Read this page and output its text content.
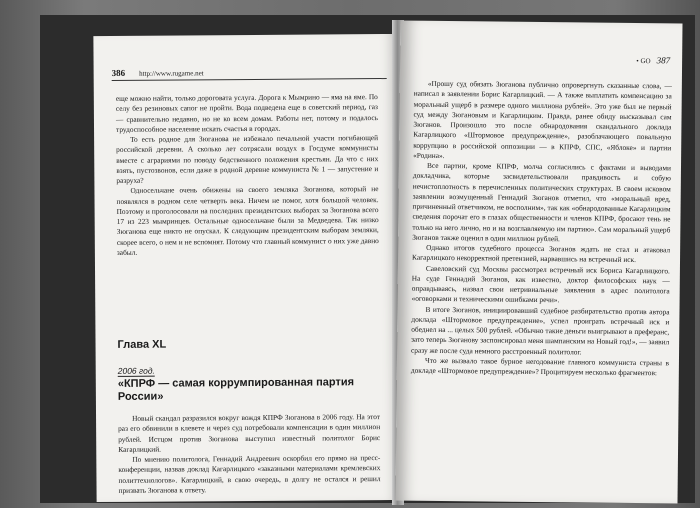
386 http://www.rugame.net

еще можно найти, только дороговата услуга. Дорога к Мымрино — яма на яме. По селу без резиновых сапог не пройти. Вода подведена еще в советский период, газ — сравнительно недавно, но не ко всем домам. Работы нет, потому и подалось трудоспособное население искать счастья в городах.

То есть родное для Зюганова не избежало печальной участи погибающей российской деревни. А сколько лет сотрясали воздух в Госдуме коммунисты вместе с аграриями по поводу бедственного положения крестьян. Да что с них взять, пустозвонов, если даже в родной деревне коммуниста № 1 — запустение и разруха?

Односельчане очень обижены на своего земляка Зюганова, который не появлялся в родном селе четверть века. Ничем не помог, хотя большой человек. Поэтому и проголосовали на последних президентских выборах за Зюганова всего 17 из 223 мымринцев. Остальные односельчане были за Медведева. Так низко Зюганова еще никто не опускал. К следующим президентским выборам земляки, скорее всего, о нем и не вспомнят. Потому что главный коммунист о них уже давно забыл.

Глава XL
2006 год.
«КПРФ — самая коррумпированная партия России»

Новый скандал разразился вокруг вождя КПРФ Зюганова в 2006 году. На этот раз его обвинили в клевете и через суд потребовали компенсации в один миллион рублей. Истцом против Зюганова выступил известный политолог Борис Кагарлицкий.

По мнению политолога, Геннадий Андреевич оскорбил его прямо на пресс-конференции, назвав доклад Кагарлицкого «заказными материалами кремлевских политтехнологов». Кагарлицкий, в свою очередь, в долгу не остался и решил призвать Зюганова к ответу.

• GO 387

«Прошу суд обязать Зюганова публично опровергнуть сказанные слова, — написал в заявлении Борис Кагарлицкий. — А также выплатить компенсацию за моральный ущерб в размере одного миллиона рублей». Это уже был не первый суд между Зюгановым и Кагарлицким. Правда, ранее обиду высказывал сам Зюганов. Произошло это после обнародования скандального доклада Кагарлицкого «Штормовое предупреждение», разоблачающего повальную коррупцию в российской оппозиции — в КПРФ, СПС, «Яблоке» и партии «Родина».

Все партии, кроме КПРФ, молча согласились с фактами и выводами докладчика, которые засвидетельствовали правдивость и собую нечистоплотность в перечисленных политических структурах. В своем исковом заявлении возмущенный Геннадий Зюганов отметил, что «моральный вред, причиненный ответчиком, не восполним», так как «обнародованные Кагарлицким сведения порочат его в глазах общественности и членов КПРФ, бросают тень не только на него лично, но и на возглавляемую им партию». Сам моральный ущерб Зюганов также оценил в один миллион рублей.

Однако итогов судебного процесса Зюганов ждать не стал и атаковал Кагарлицкого некорректной претензией, нарвавшись на встречный иск.

Савеловский суд Москвы рассмотрел встречный иск Бориса Кагарлицкого. На суде Геннадий Зюганов, как известно, доктор философских наук — оправдываясь, назвал свои нетривиальные заявления в адрес политолога «оговорками и техническими ошибками речи».

В итоге Зюганов, инициировавший судебное разбирательство против автора доклада «Штормовое предупреждение», успел проиграть встречный иск и обеднел на ... целых 500 рублей. «Обычно такие деньги выигрывают в преферанс, зато теперь Зюганову заспонсировал меня шампанским на Новый год!», — заявил сразу же после суда немного расстроенный политолог.

Что же вызвало такое бурное негодование главного коммуниста страны в докладе «Штормовое предупреждение»? Процитируем несколько фрагментов:
